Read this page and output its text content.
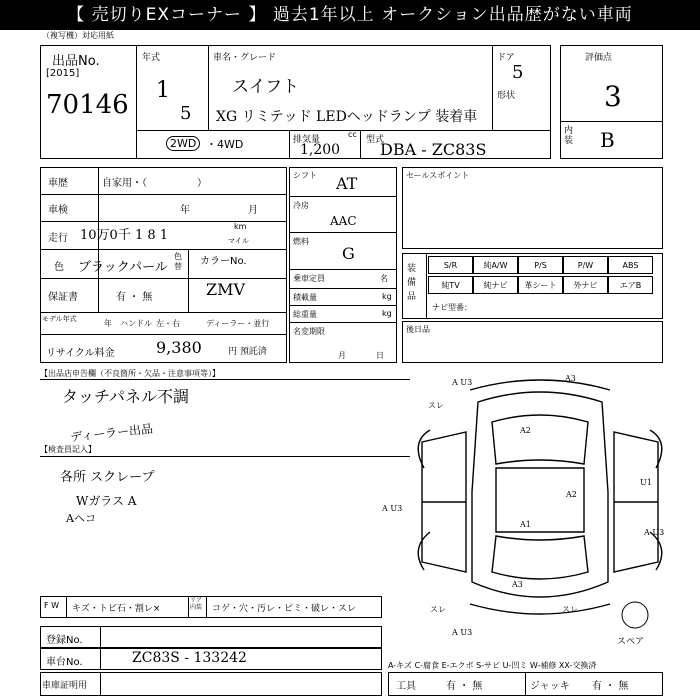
【 売切りEXコーナー 】 過去1年以上 オークション出品歴がない車両
（複写機）対応用紙
出品No.
[2015]
70146
年式
1
5
車名・グレード
スイフト
XG リミテッド LEDヘッドランプ 装着車
ドア
5
形状
2WD ・4WD	排気量
cc
1,200
型式
DBA - ZC83S
評価点
3
内装 B
車歴	自家用・（　　　　　）
車検	年	月
走行 10万0千 1 8 1
km
マイル
色 ブラックパール
色替 カラーNo.
ZMV
保証書	有 ・ 無
モデル年式	年 ハンドル 左・右	ディーラー・並行
リサイクル料金	9,380	円 預託済
シフト AT
冷房
AAC
燃料
G
乗車定員	名
積載量	kg
総重量	kg
名変期限
月	日
セールスポイント
装備品
S/R	純A/W	P/S	P/W	ABS
純TV	純ナビ	革シート	外ナビ	エアB
ナビ型番：
後日品
【出品店申告欄（不良箇所・欠品・注意事項等）】
タッチパネル不調
ディーラー出品
【検査員記入】
各所 スクレープ
Wガラス A
Aヘコ
A U3	A3
スレ
A2
A2
U1
A U3
A U3
A1
A3
スレ
A U3
スレ
スペア
F W キズ・トビ石・割レ×
リア内装 コゲ・穴・汚レ・ピミ・破レ・スレ
登録No.
車台No.	ZC83S - 133242	A-キズ C-腐食 E-エクボ S-サビ U-凹ミ W-補修 XX-交換済
車庫証明用	工具	有 ・ 無	ジャッキ 有 ・ 無
